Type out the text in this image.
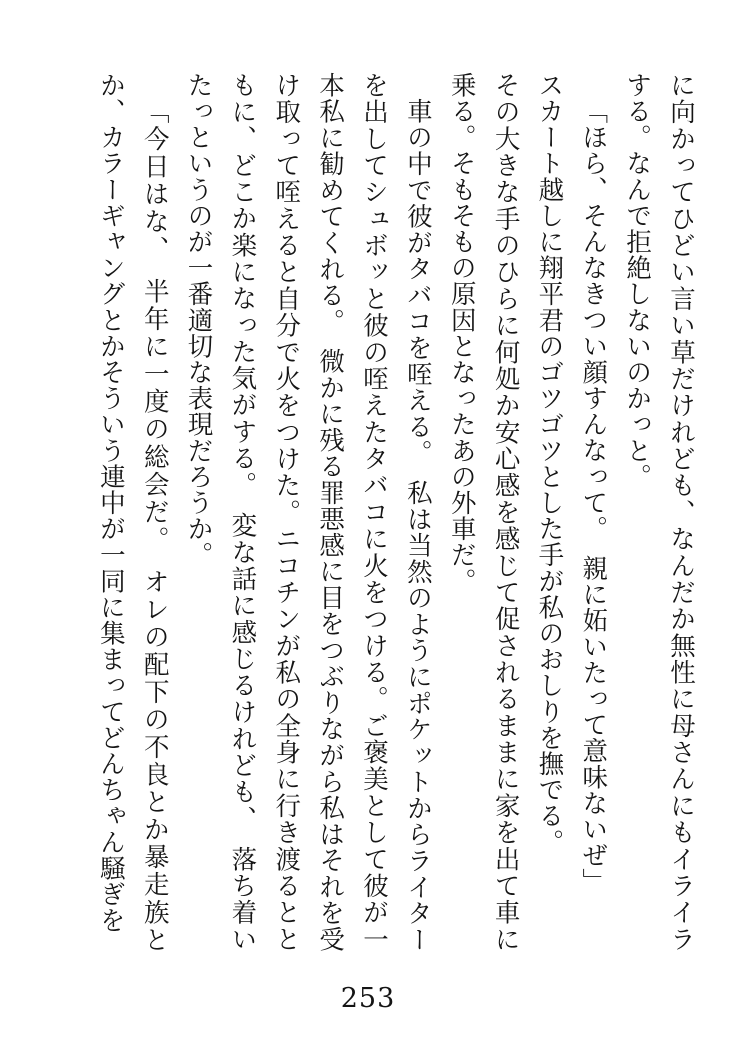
に向かってひどい言い草だけれども、なんだか無性に母さんにもイライラする。なんで拒絶しないのかっと。

「ほら、そんなきつい顔すんなって。　親に妬いたって意味ないぜ」

スカート越しに翔平君のゴツゴツとした手が私のおしりを撫でる。

その大きな手のひらに何処か安心感を感じて促されるままに家を出て車に乗る。そもそもの原因となったあの外車だ。

車の中で彼がタバコを咥える。　私は当然のようにポケットからライターを出してシュボッと彼の咥えたタバコに火をつける。ご褒美として彼が一本私に勧めてくれる。　微かに残る罪悪感に目をつぶりながら私はそれを受け取って咥えると自分で火をつけた。ニコチンが私の全身に行き渡るとともに、どこか楽になった気がする。　変な話に感じるけれども、　落ち着いたっというのが一番適切な表現だろうか。

「今日はな、　半年に一度の総会だ。　オレの配下の不良とか暴走族とか、カラーギャングとかそういう連中が一同に集まってどんちゃん騒ぎを

253
